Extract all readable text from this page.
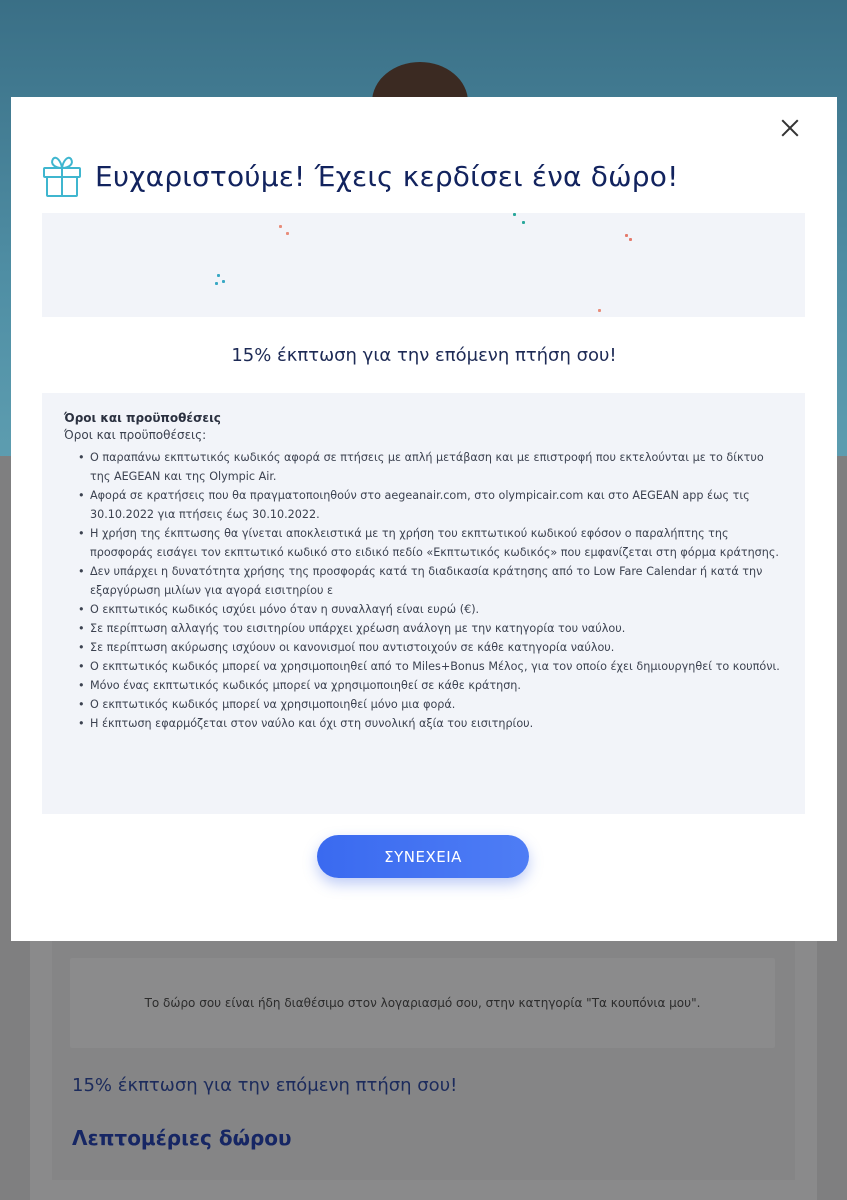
Το δώρο σου είναι ήδη διαθέσιμο στον λογαριασμό σου, στην κατηγορία "Τα κουπόνια μου".
15% έκπτωση για την επόμενη πτήση σου!
Λεπτομέριες δώρου
Ευχαριστούμε! Έχεις κερδίσει ένα δώρο!
15% έκπτωση για την επόμενη πτήση σου!
Όροι και προϋποθέσεις
Όροι και προϋποθέσεις:
• Ο παραπάνω εκπτωτικός κωδικός αφορά σε πτήσεις με απλή μετάβαση και με επιστροφή που εκτελούνται με το δίκτυο της AEGEAN και της Olympic Air.
• Αφορά σε κρατήσεις που θα πραγματοποιηθούν στο aegeanair.com, στο olympicair.com και στο AEGEAN app έως τις 30.10.2022 για πτήσεις έως 30.10.2022.
• Η χρήση της έκπτωσης θα γίνεται αποκλειστικά με τη χρήση του εκπτωτικού κωδικού εφόσον ο παραλήπτης της προσφοράς εισάγει τον εκπτωτικό κωδικό στο ειδικό πεδίο «Εκπτωτικός κωδικός» που εμφανίζεται στη φόρμα κράτησης.
• Δεν υπάρχει η δυνατότητα χρήσης της προσφοράς κατά τη διαδικασία κράτησης από το Low Fare Calendar ή κατά την εξαργύρωση μιλίων για αγορά εισιτηρίου ε
• Ο εκπτωτικός κωδικός ισχύει μόνο όταν η συναλλαγή είναι ευρώ (€).
• Σε περίπτωση αλλαγής του εισιτηρίου υπάρχει χρέωση ανάλογη με την κατηγορία του ναύλου.
• Σε περίπτωση ακύρωσης ισχύουν οι κανονισμοί που αντιστοιχούν σε κάθε κατηγορία ναύλου.
• Ο εκπτωτικός κωδικός μπορεί να χρησιμοποιηθεί από το Miles+Bonus Μέλος, για τον οποίο έχει δημιουργηθεί το κουπόνι.
• Μόνο ένας εκπτωτικός κωδικός μπορεί να χρησιμοποιηθεί σε κάθε κράτηση.
• Ο εκπτωτικός κωδικός μπορεί να χρησιμοποιηθεί μόνο μια φορά.
• Η έκπτωση εφαρμόζεται στον ναύλο και όχι στη συνολική αξία του εισιτηρίου.
ΣΥΝΕΧΕΙΑ
